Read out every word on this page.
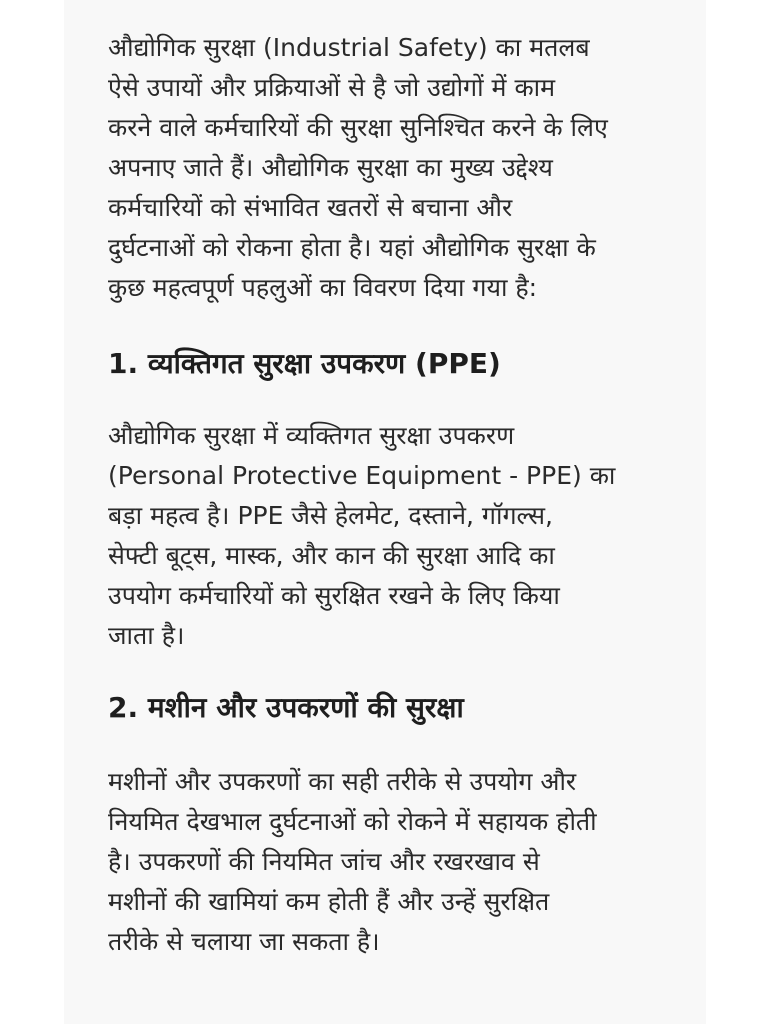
औद्योगिक सुरक्षा (Industrial Safety) का मतलब
ऐसे उपायों और प्रक्रियाओं से है जो उद्योगों में काम
करने वाले कर्मचारियों की सुरक्षा सुनिश्चित करने के लिए
अपनाए जाते हैं। औद्योगिक सुरक्षा का मुख्य उद्देश्य
कर्मचारियों को संभावित खतरों से बचाना और
दुर्घटनाओं को रोकना होता है। यहां औद्योगिक सुरक्षा के
कुछ महत्वपूर्ण पहलुओं का विवरण दिया गया है:

1. व्यक्तिगत सुरक्षा उपकरण (PPE)

औद्योगिक सुरक्षा में व्यक्तिगत सुरक्षा उपकरण
(Personal Protective Equipment - PPE) का
बड़ा महत्व है। PPE जैसे हेलमेट, दस्ताने, गॉगल्स,
सेफ्टी बूट्स, मास्क, और कान की सुरक्षा आदि का
उपयोग कर्मचारियों को सुरक्षित रखने के लिए किया
जाता है।

2. मशीन और उपकरणों की सुरक्षा

मशीनों और उपकरणों का सही तरीके से उपयोग और
नियमित देखभाल दुर्घटनाओं को रोकने में सहायक होती
है। उपकरणों की नियमित जांच और रखरखाव से
मशीनों की खामियां कम होती हैं और उन्हें सुरक्षित
तरीके से चलाया जा सकता है।
